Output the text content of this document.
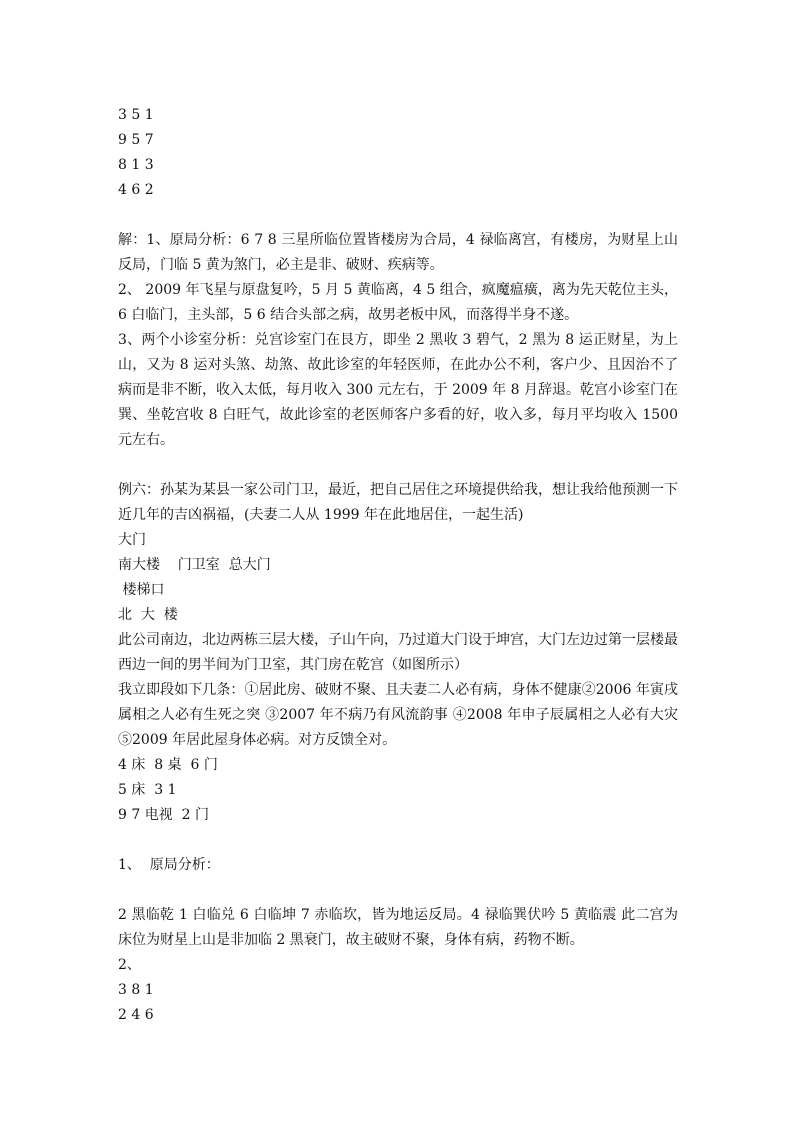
3 5 1
9 5 7
8 1 3
4 6 2

解：1、原局分析：6 7 8 三星所临位置皆楼房为合局，4 禄临离宫，有楼房，为财星上山反局，门临 5 黄为煞门，必主是非、破财、疾病等。

2、 2009 年飞星与原盘复吟，5 月 5 黄临离，4 5 组合，疯魔瘟癀，离为先天乾位主头，6 白临门，主头部，5 6 结合头部之病，故男老板中风，而落得半身不遂。

3、两个小诊室分析：兑宫诊室门在艮方，即坐 2 黑收 3 碧气，2 黑为 8 运正财星，为上山，又为 8 运对头煞、劫煞、故此诊室的年轻医师，在此办公不利，客户少、且因治不了病而是非不断，收入太低，每月收入 300 元左右，于 2009 年 8 月辞退。乾宫小诊室门在巽、坐乾宫收 8 白旺气，故此诊室的老医师客户多看的好，收入多，每月平均收入 1500 元左右。

例六：孙某为某县一家公司门卫，最近，把自己居住之环境提供给我，想让我给他预测一下近几年的吉凶祸福，(夫妻二人从 1999 年在此地居住，一起生活)

大门
南大楼    门卫室  总大门
楼梯口
北  大  楼

此公司南边，北边两栋三层大楼，子山午向，乃过道大门设于坤宫，大门左边过第一层楼最西边一间的男半间为门卫室，其门房在乾宫（如图所示）

我立即段如下几条：①居此房、破财不聚、且夫妻二人必有病，身体不健康②2006 年寅戌属相之人必有生死之突 ③2007 年不病乃有风流韵事 ④2008 年申子辰属相之人必有大灾⑤2009 年居此屋身体必病。对方反馈全对。

4 床  8 桌  6 门
5 床  3 1
9 7 电视  2 门
1、  原局分析：

2 黑临乾 1 白临兑 6 白临坤 7 赤临坎，皆为地运反局。4 禄临巽伏吟 5 黄临震 此二宫为床位为财星上山是非加临 2 黑衰门，故主破财不聚，身体有病，药物不断。

2、
3 8 1
2 4 6
